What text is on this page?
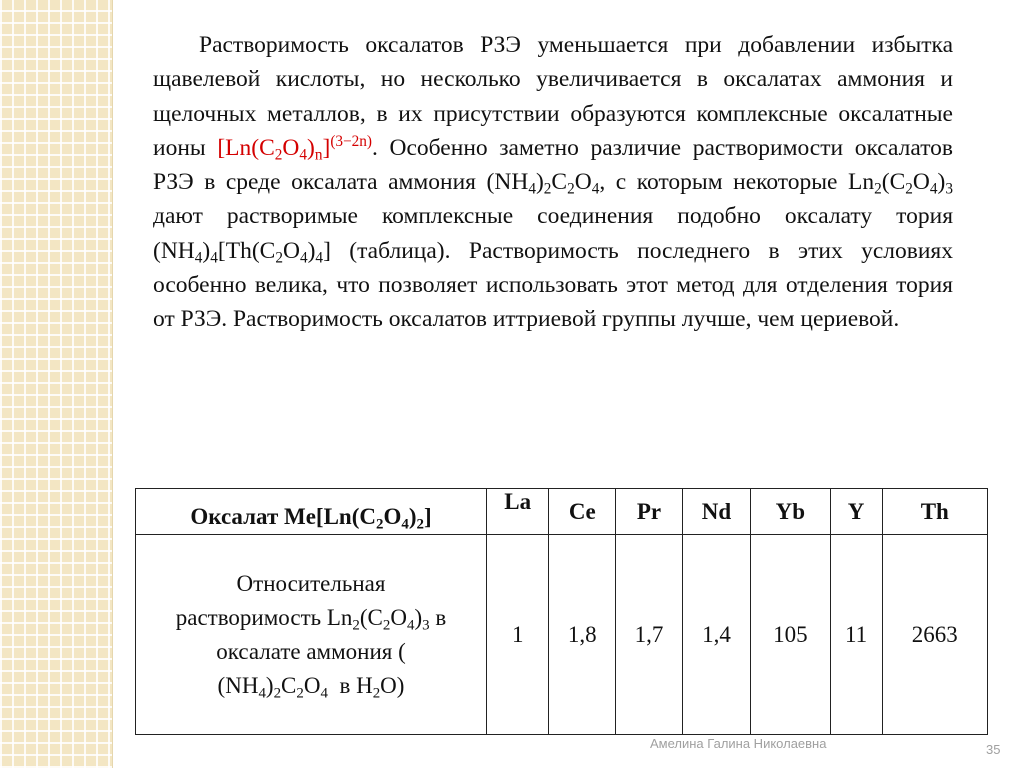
Растворимость оксалатов РЗЭ уменьшается при добавлении избытка щавелевой кислоты, но несколько увеличивается в оксалатах аммония и щелочных металлов, в их присутствии образуются комплексные оксалатные ионы $[Ln(C_2O_4)_n]^{(3-2n)}$. Особенно заметно различие растворимости оксалатов РЗЭ в среде оксалата аммония $(NH_4)_2C_2O_4$, с которым некоторые $Ln_2(C_2O_4)_3$ дают растворимые комплексные соединения подобно оксалату тория $(NH_4)_4[Th(C_2O_4)_4]$ (таблица). Растворимость последнего в этих условиях особенно велика, что позволяет использовать этот метод для отделения тория от РЗЭ. Растворимость оксалатов иттриевой группы лучше, чем цериевой.

Оксалат $Me[Ln(C_2O_4)_2]$	La	Ce	Pr	Nd	Yb	Y	Th
Относительная
растворимость $Ln_2(C_2O_4)_3$ в
оксалате аммония (
$(NH_4)_2C_2O_4$  в $H_2O$)	1	1,8	1,7	1,4	105	11	2663
Амелина Галина Николаевна	35
